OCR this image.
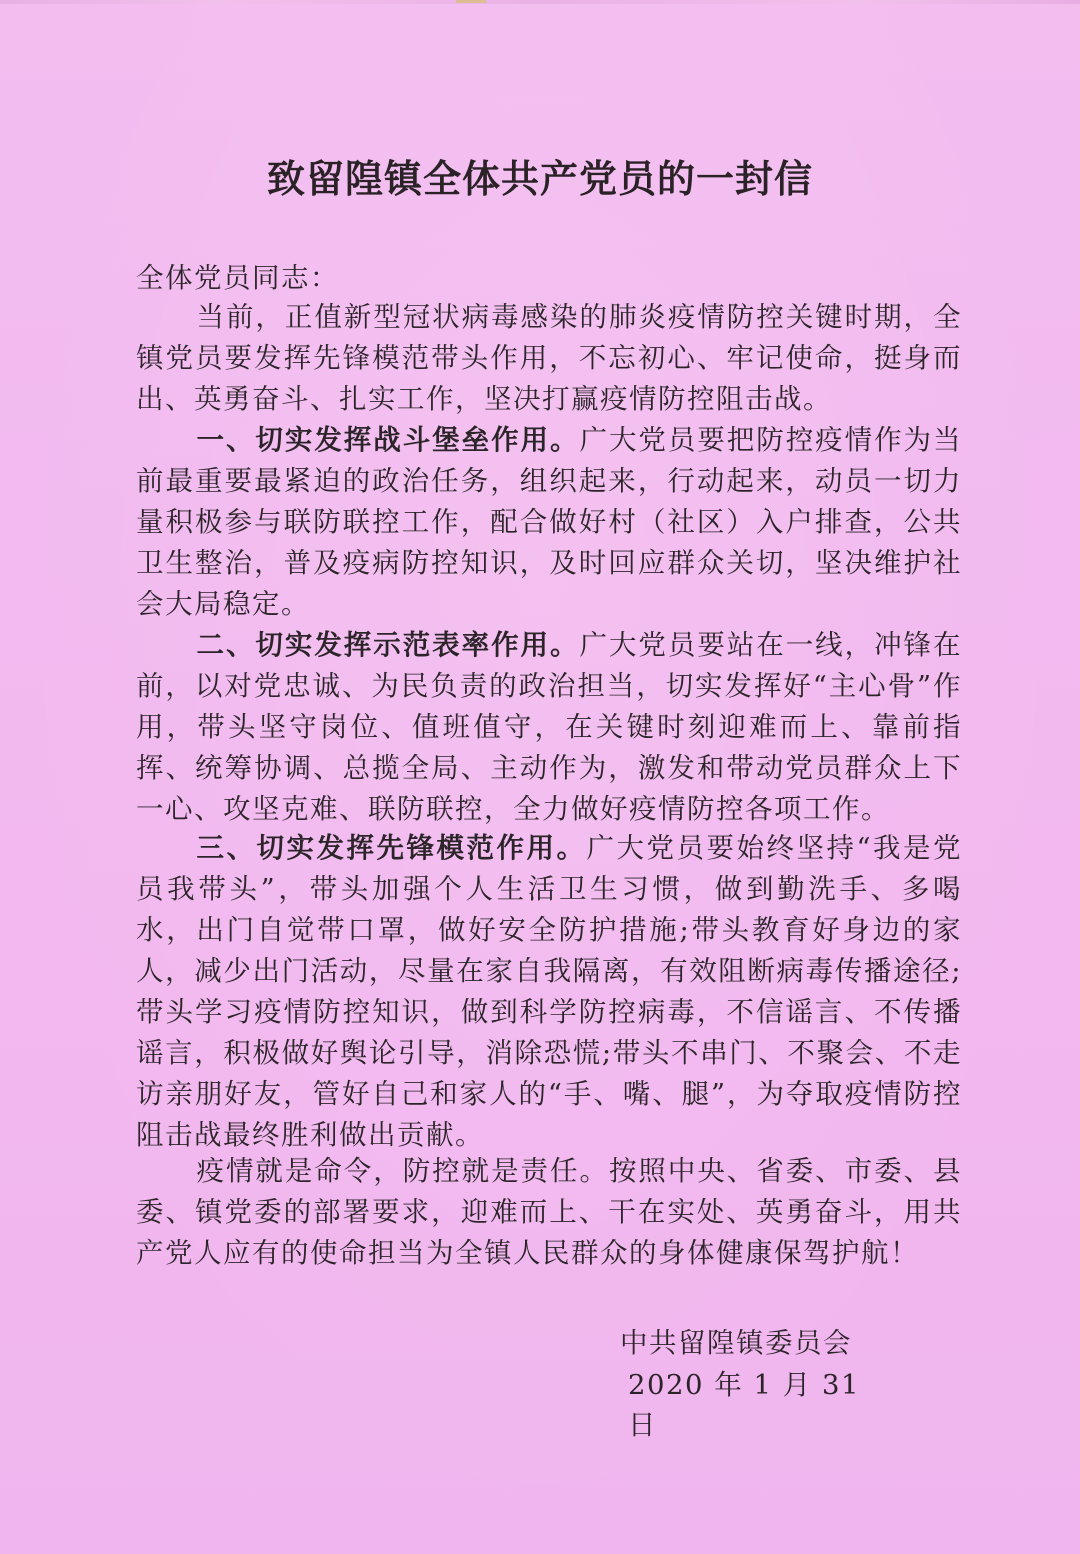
致留隍镇全体共产党员的一封信
全体党员同志：

当前，正值新型冠状病毒感染的肺炎疫情防控关键时期，全镇党员要发挥先锋模范带头作用，不忘初心、牢记使命，挺身而出、英勇奋斗、扎实工作，坚决打赢疫情防控阻击战。

一、切实发挥战斗堡垒作用。广大党员要把防控疫情作为当前最重要最紧迫的政治任务，组织起来，行动起来，动员一切力量积极参与联防联控工作，配合做好村（社区）入户排查，公共卫生整治，普及疫病防控知识，及时回应群众关切，坚决维护社会大局稳定。

二、切实发挥示范表率作用。广大党员要站在一线，冲锋在前，以对党忠诚、为民负责的政治担当，切实发挥好“主心骨”作用，带头坚守岗位、值班值守，在关键时刻迎难而上、靠前指挥、统筹协调、总揽全局、主动作为，激发和带动党员群众上下一心、攻坚克难、联防联控，全力做好疫情防控各项工作。

三、切实发挥先锋模范作用。广大党员要始终坚持“我是党员我带头”，带头加强个人生活卫生习惯，做到勤洗手、多喝水，出门自觉带口罩，做好安全防护措施;带头教育好身边的家人，减少出门活动，尽量在家自我隔离，有效阻断病毒传播途径;带头学习疫情防控知识，做到科学防控病毒，不信谣言、不传播谣言，积极做好舆论引导，消除恐慌;带头不串门、不聚会、不走访亲朋好友，管好自己和家人的“手、嘴、腿”，为夺取疫情防控阻击战最终胜利做出贡献。

疫情就是命令，防控就是责任。按照中央、省委、市委、县委、镇党委的部署要求，迎难而上、干在实处、英勇奋斗，用共产党人应有的使命担当为全镇人民群众的身体健康保驾护航！

中共留隍镇委员会
2020 年 1 月 31 日
